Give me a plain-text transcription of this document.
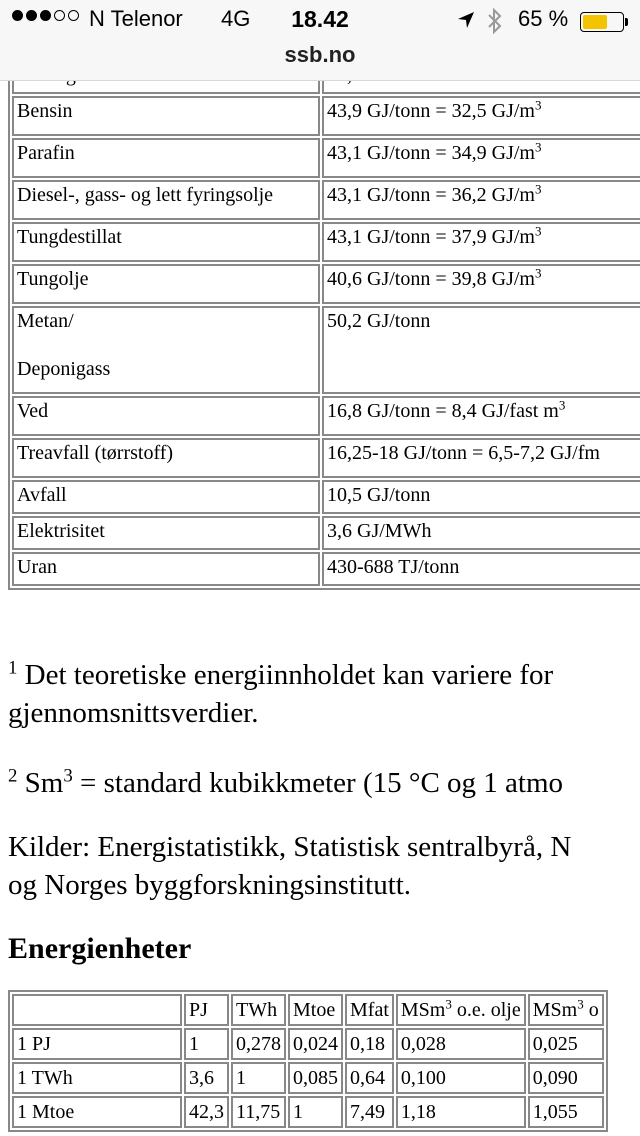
Bensin	43,9 GJ/tonn = 32,5 $GJ/m^3$
Parafin	43,1 GJ/tonn = 34,9 $GJ/m^3$
Diesel-, gass- og lett fyringsolje	43,1 GJ/tonn = 36,2 $GJ/m^3$
Tungdestillat	43,1 GJ/tonn = 37,9 $GJ/m^3$
Tungolje	40,6 GJ/tonn = 39,8 $GJ/m^3$
Metan/

Deponigass	50,2 GJ/tonn
Ved	16,8 GJ/tonn = 8,4 GJ/fast $m^3$
Treavfall (tørrstoff)	16,25-18 GJ/tonn = 6,5-7,2 GJ/fm
Avfall	10,5 GJ/tonn
Elektrisitet	3,6 GJ/MWh
Uran	430-688 TJ/tonn
$^1$ Det teoretiske energiinnholdet kan variere for
gjennomsnittsverdier.
$^2$ $Sm^3$ = standard kubikkmeter (15 °C og 1 atmo
Kilder: Energistatistikk, Statistisk sentralbyrå, N
og Norges byggforskningsinstitutt.
Energienheter
	PJ	TWh	Mtoe	Mfat	MSm$^3$ o.e. olje	MSm$^3$ o
1 PJ	1	0,278	0,024	0,18	0,028	0,025
1 TWh	3,6	1	0,085	0,64	0,100	0,090
1 Mtoe	42,3	11,75	1	7,49	1,18	1,055
N Telenor 4G	18.42	65 %
ssb.no
